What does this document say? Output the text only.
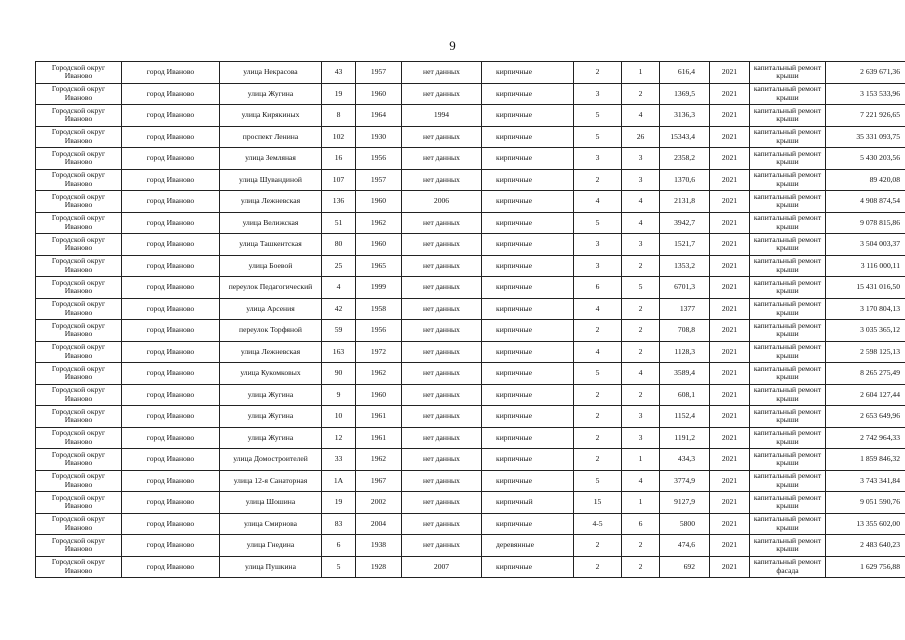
9
Городской округ Иваново	город Иваново	улица Некрасова	43	1957	нет данных	кирпичные	2	1	616,4	2021	капитальный ремонт крыши	2 639 671,36
Городской округ Иваново	город Иваново	улица Жугина	19	1960	нет данных	кирпичные	3	2	1369,5	2021	капитальный ремонт крыши	3 153 533,96
Городской округ Иваново	город Иваново	улица Кирякиных	8	1964	1994	кирпичные	5	4	3136,3	2021	капитальный ремонт крыши	7 221 926,65
Городской округ Иваново	город Иваново	проспект Ленина	102	1930	нет данных	кирпичные	5	26	15343,4	2021	капитальный ремонт крыши	35 331 093,75
Городской округ Иваново	город Иваново	улица Земляная	16	1956	нет данных	кирпичные	3	3	2358,2	2021	капитальный ремонт крыши	5 430 203,56
Городской округ Иваново	город Иваново	улица Шувандиной	107	1957	нет данных	кирпичные	2	3	1370,6	2021	капитальный ремонт крыши	89 420,08
Городской округ Иваново	город Иваново	улица Лежневская	136	1960	2006	кирпичные	4	4	2131,8	2021	капитальный ремонт крыши	4 908 874,54
Городской округ Иваново	город Иваново	улица Велижская	51	1962	нет данных	кирпичные	5	4	3942,7	2021	капитальный ремонт крыши	9 078 815,86
Городской округ Иваново	город Иваново	улица Ташкентская	80	1960	нет данных	кирпичные	3	3	1521,7	2021	капитальный ремонт крыши	3 504 003,37
Городской округ Иваново	город Иваново	улица Боевой	25	1965	нет данных	кирпичные	3	2	1353,2	2021	капитальный ремонт крыши	3 116 000,11
Городской округ Иваново	город Иваново	переулок Педагогический	4	1999	нет данных	кирпичные	6	5	6701,3	2021	капитальный ремонт крыши	15 431 016,50
Городской округ Иваново	город Иваново	улица Арсения	42	1958	нет данных	кирпичные	4	2	1377	2021	капитальный ремонт крыши	3 170 804,13
Городской округ Иваново	город Иваново	переулок Торфяной	59	1956	нет данных	кирпичные	2	2	708,8	2021	капитальный ремонт крыши	3 035 365,12
Городской округ Иваново	город Иваново	улица Лежневская	163	1972	нет данных	кирпичные	4	2	1128,3	2021	капитальный ремонт крыши	2 598 125,13
Городской округ Иваново	город Иваново	улица Кукомковых	90	1962	нет данных	кирпичные	5	4	3589,4	2021	капитальный ремонт крыши	8 265 275,49
Городской округ Иваново	город Иваново	улица Жугина	9	1960	нет данных	кирпичные	2	2	608,1	2021	капитальный ремонт крыши	2 604 127,44
Городской округ Иваново	город Иваново	улица Жугина	10	1961	нет данных	кирпичные	2	3	1152,4	2021	капитальный ремонт крыши	2 653 649,96
Городской округ Иваново	город Иваново	улица Жугина	12	1961	нет данных	кирпичные	2	3	1191,2	2021	капитальный ремонт крыши	2 742 964,33
Городской округ Иваново	город Иваново	улица Домостроителей	33	1962	нет данных	кирпичные	2	1	434,3	2021	капитальный ремонт крыши	1 859 846,32
Городской округ Иваново	город Иваново	улица 12-я Санаторная	1А	1967	нет данных	кирпичные	5	4	3774,9	2021	капитальный ремонт крыши	3 743 341,84
Городской округ Иваново	город Иваново	улица Шошина	19	2002	нет данных	кирпичный	15	1	9127,9	2021	капитальный ремонт крыши	9 051 590,76
Городской округ Иваново	город Иваново	улица Смирнова	83	2004	нет данных	кирпичные	4-5	6	5800	2021	капитальный ремонт крыши	13 355 602,00
Городской округ Иваново	город Иваново	улица Гнедина	6	1938	нет данных	деревянные	2	2	474,6	2021	капитальный ремонт крыши	2 483 640,23
Городской округ Иваново	город Иваново	улица Пушкина	5	1928	2007	кирпичные	2	2	692	2021	капитальный ремонт фасада	1 629 756,88
